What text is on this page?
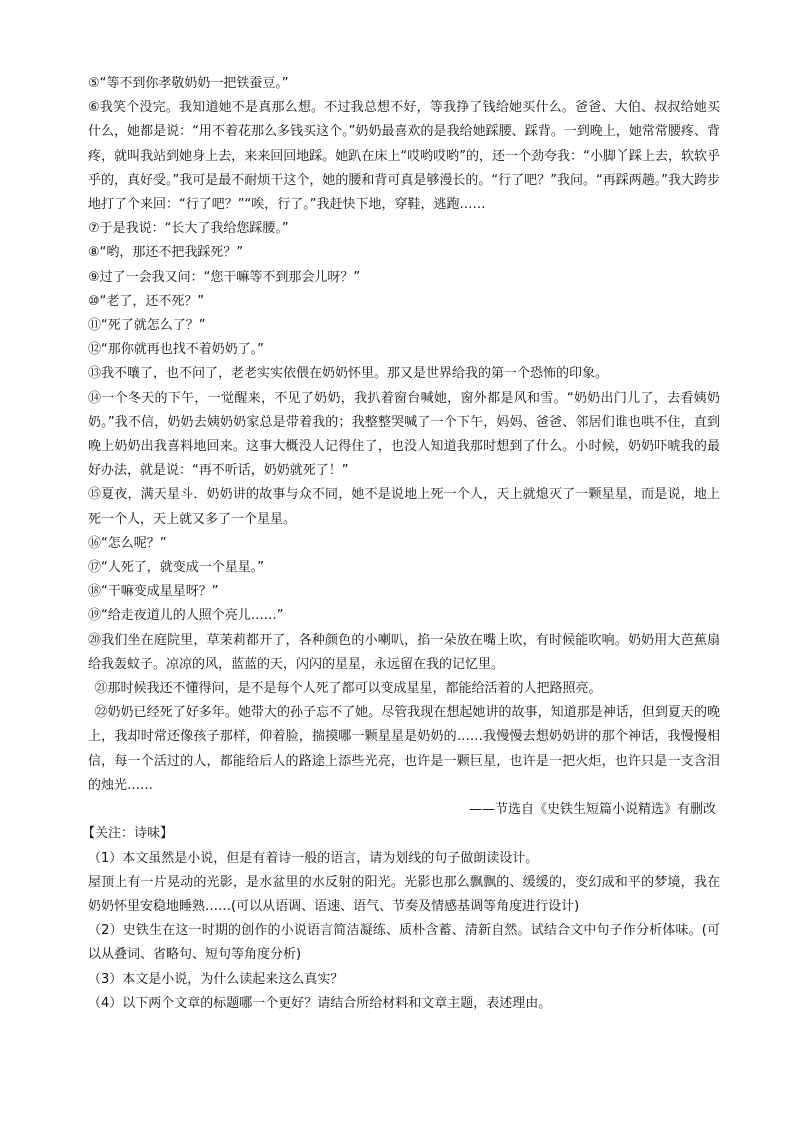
⑤“等不到你孝敬奶奶一把铁蚕豆。”

⑥我笑个没完。我知道她不是真那么想。不过我总想不好，等我挣了钱给她买什么。爸爸、大伯、叔叔给她买什么，她都是说：“用不着花那么多钱买这个。”奶奶最喜欢的是我给她踩腰、踩背。一到晚上，她常常腰疼、背疼，就叫我站到她身上去，来来回回地踩。她趴在床上“哎哟哎哟”的，还一个劲夸我：“小脚丫踩上去，软软乎乎的，真好受。”我可是最不耐烦干这个，她的腰和背可真是够漫长的。“行了吧？”我问。“再踩两趟。”我大跨步地打了个来回：“行了吧？”“唉，行了。”我赶快下地，穿鞋，逃跑……

⑦于是我说：“长大了我给您踩腰。”

⑧“哟，那还不把我踩死？”

⑨过了一会我又问：“您干嘛等不到那会儿呀？”

⑩“老了，还不死？”

⑪“死了就怎么了？”

⑫“那你就再也找不着奶奶了。”

⑬我不嚷了，也不问了，老老实实依偎在奶奶怀里。那又是世界给我的第一个恐怖的印象。

⑭一个冬天的下午，一觉醒来，不见了奶奶，我扒着窗台喊她，窗外都是风和雪。“奶奶出门儿了，去看姨奶奶。”我不信，奶奶去姨奶奶家总是带着我的；我整整哭喊了一个下午，妈妈、爸爸、邻居们谁也哄不住，直到晚上奶奶出我喜料地回来。这事大概没人记得住了，也没人知道我那时想到了什么。小时候，奶奶吓唬我的最好办法，就是说：“再不听话，奶奶就死了！”

⑮夏夜，满天星斗．奶奶讲的故事与众不同，她不是说地上死一个人，天上就熄灭了一颗星星，而是说，地上死一个人，天上就又多了一个星星。

⑯“怎么呢？”

⑰“人死了，就变成一个星星。”

⑱“干嘛变成星星呀？”

⑲“给走夜道儿的人照个亮儿……”

⑳我们坐在庭院里，草茉莉都开了，各种颜色的小喇叭，掐一朵放在嘴上吹，有时候能吹响。奶奶用大芭蕉扇给我轰蚊子。凉凉的风，蓝蓝的天，闪闪的星星，永远留在我的记忆里。

㉑那时候我还不懂得问，是不是每个人死了都可以变成星星，都能给活着的人把路照亮。

㉒奶奶已经死了好多年。她带大的孙子忘不了她。尽管我现在想起她讲的故事，知道那是神话，但到夏天的晚上，我却时常还像孩子那样，仰着脸，揣摸哪一颗星星是奶奶的……我慢慢去想奶奶讲的那个神话，我慢慢相信，每一个活过的人，都能给后人的路途上添些光亮，也许是一颗巨星，也许是一把火炬，也许只是一支含泪的烛光……

——节选自《史铁生短篇小说精选》有删改

【关注：诗味】

（1）本文虽然是小说，但是有着诗一般的语言，请为划线的句子做朗读设计。

屋顶上有一片晃动的光影，是水盆里的水反射的阳光。光影也那么飘飘的、缓缓的，变幻成和平的梦境，我在奶奶怀里安稳地睡熟……(可以从语调、语速、语气、节奏及情感基调等角度进行设计)

（2）史铁生在这一时期的创作的小说语言简洁凝练、质朴含蓄、清新自然。试结合文中句子作分析体味。(可以从叠词、省略句、短句等角度分析)

（3）本文是小说，为什么读起来这么真实？

（4）以下两个文章的标题哪一个更好？请结合所给材料和文章主题，表述理由。
